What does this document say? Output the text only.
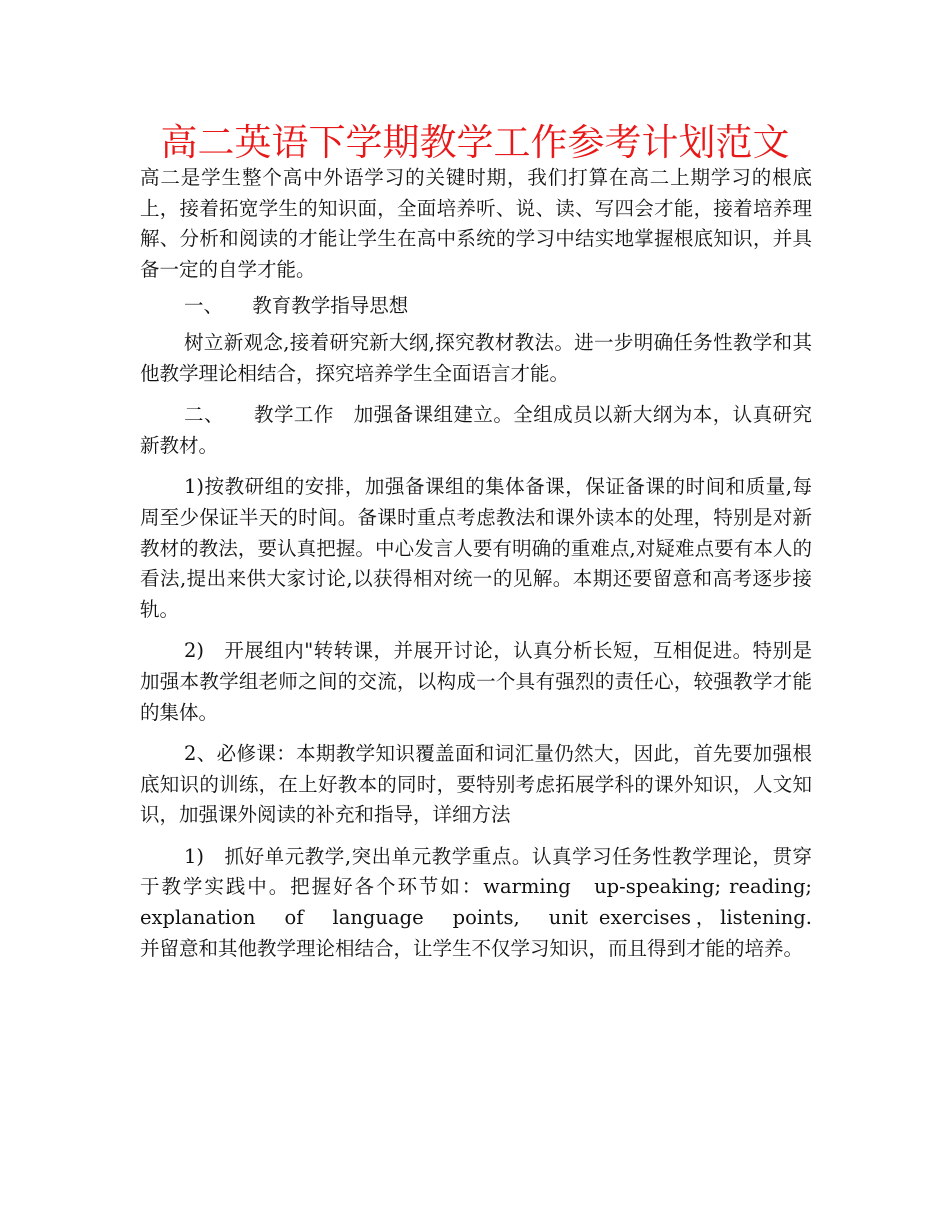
高二英语下学期教学工作参考计划范文

高二是学生整个高中外语学习的关键时期，我们打算在高二上期学习的根底上，接着拓宽学生的知识面，全面培养听、说、读、写四会才能，接着培养理解、分析和阅读的才能让学生在高中系统的学习中结实地掌握根底知识，并具备一定的自学才能。

一、　　教育教学指导思想

树立新观念,接着研究新大纲,探究教材教法。进一步明确任务性教学和其他教学理论相结合，探究培养学生全面语言才能。

二、　　教学工作　加强备课组建立。全组成员以新大纲为本，认真研究新教材。

1)按教研组的安排，加强备课组的集体备课，保证备课的时间和质量,每周至少保证半天的时间。备课时重点考虑教法和课外读本的处理，特别是对新教材的教法，要认真把握。中心发言人要有明确的重难点,对疑难点要有本人的看法,提出来供大家讨论,以获得相对统一的见解。本期还要留意和高考逐步接轨。

2)　开展组内"转转课，并展开讨论，认真分析长短，互相促进。特别是加强本教学组老师之间的交流，以构成一个具有强烈的责任心，较强教学才能的集体。

2、必修课：本期教学知识覆盖面和词汇量仍然大，因此，首先要加强根底知识的训练，在上好教本的同时，要特别考虑拓展学科的课外知识，人文知识，加强课外阅读的补充和指导，详细方法

1)　抓好单元教学,突出单元教学重点。认真学习任务性教学理论，贯穿于教学实践中。把握好各个环节如：warming　up-speaking; reading;　explanation　of　language　points,　unit exercises，listening.　　并留意和其他教学理论相结合，让学生不仅学习知识，而且得到才能的培养。
